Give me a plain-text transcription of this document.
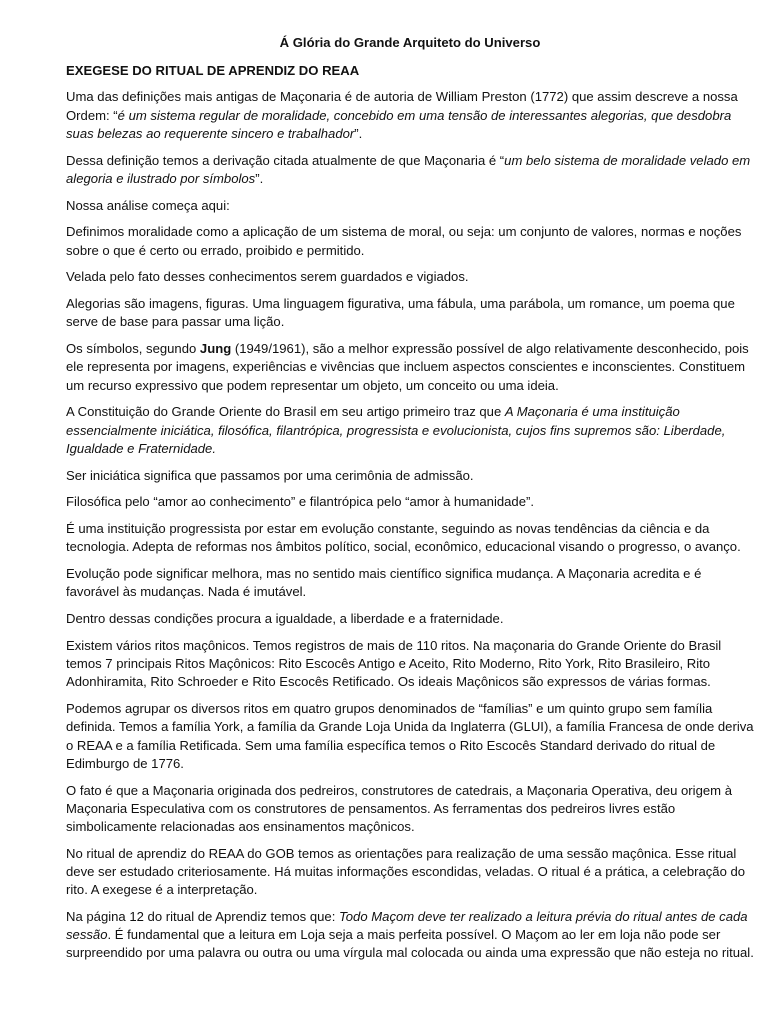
Á Glória do Grande Arquiteto do Universo
EXEGESE DO RITUAL DE APRENDIZ DO REAA

Uma das definições mais antigas de Maçonaria é de autoria de William Preston (1772) que assim descreve a nossa Ordem: “é um sistema regular de moralidade, concebido em uma tensão de interessantes alegorias, que desdobra suas belezas ao requerente sincero e trabalhador”.

Dessa definição temos a derivação citada atualmente de que Maçonaria é “um belo sistema de moralidade velado em alegoria e ilustrado por símbolos”.

Nossa análise começa aqui:

Definimos moralidade como a aplicação de um sistema de moral, ou seja: um conjunto de valores, normas e noções sobre o que é certo ou errado, proibido e permitido.

Velada pelo fato desses conhecimentos serem guardados e vigiados.

Alegorias são imagens, figuras. Uma linguagem figurativa, uma fábula, uma parábola, um romance, um poema que serve de base para passar uma lição.

Os símbolos, segundo Jung (1949/1961), são a melhor expressão possível de algo relativamente desconhecido, pois ele representa por imagens, experiências e vivências que incluem aspectos conscientes e inconscientes. Constituem um recurso expressivo que podem representar um objeto, um conceito ou uma ideia.

A Constituição do Grande Oriente do Brasil em seu artigo primeiro traz que A Maçonaria é uma instituição essencialmente iniciática, filosófica, filantrópica, progressista e evolucionista, cujos fins supremos são: Liberdade, Igualdade e Fraternidade.

Ser iniciática significa que passamos por uma cerimônia de admissão.

Filosófica pelo “amor ao conhecimento” e filantrópica pelo “amor à humanidade”.

É uma instituição progressista por estar em evolução constante, seguindo as novas tendências da ciência e da tecnologia. Adepta de reformas nos âmbitos político, social, econômico, educacional visando o progresso, o avanço.

Evolução pode significar melhora, mas no sentido mais científico significa mudança. A Maçonaria acredita e é favorável às mudanças. Nada é imutável.

Dentro dessas condições procura a igualdade, a liberdade e a fraternidade.

Existem vários ritos maçônicos. Temos registros de mais de 110 ritos. Na maçonaria do Grande Oriente do Brasil temos 7 principais Ritos Maçônicos: Rito Escocês Antigo e Aceito, Rito Moderno, Rito York, Rito Brasileiro, Rito Adonhiramita, Rito Schroeder e Rito Escocês Retificado. Os ideais Maçônicos são expressos de várias formas.

Podemos agrupar os diversos ritos em quatro grupos denominados de “famílias” e um quinto grupo sem família definida. Temos a família York, a família da Grande Loja Unida da Inglaterra (GLUI), a família Francesa de onde deriva o REAA e a família Retificada. Sem uma família específica temos o Rito Escocês Standard derivado do ritual de Edimburgo de 1776.

O fato é que a Maçonaria originada dos pedreiros, construtores de catedrais, a Maçonaria Operativa, deu origem à Maçonaria Especulativa com os construtores de pensamentos. As ferramentas dos pedreiros livres estão simbolicamente relacionadas aos ensinamentos maçônicos.

No ritual de aprendiz do REAA do GOB temos as orientações para realização de uma sessão maçônica. Esse ritual deve ser estudado criteriosamente. Há muitas informações escondidas, veladas. O ritual é a prática, a celebração do rito. A exegese é a interpretação.

Na página 12 do ritual de Aprendiz temos que: Todo Maçom deve ter realizado a leitura prévia do ritual antes de cada sessão. É fundamental que a leitura em Loja seja a mais perfeita possível. O Maçom ao ler em loja não pode ser surpreendido por uma palavra ou outra ou uma vírgula mal colocada ou ainda uma expressão que não esteja no ritual.
